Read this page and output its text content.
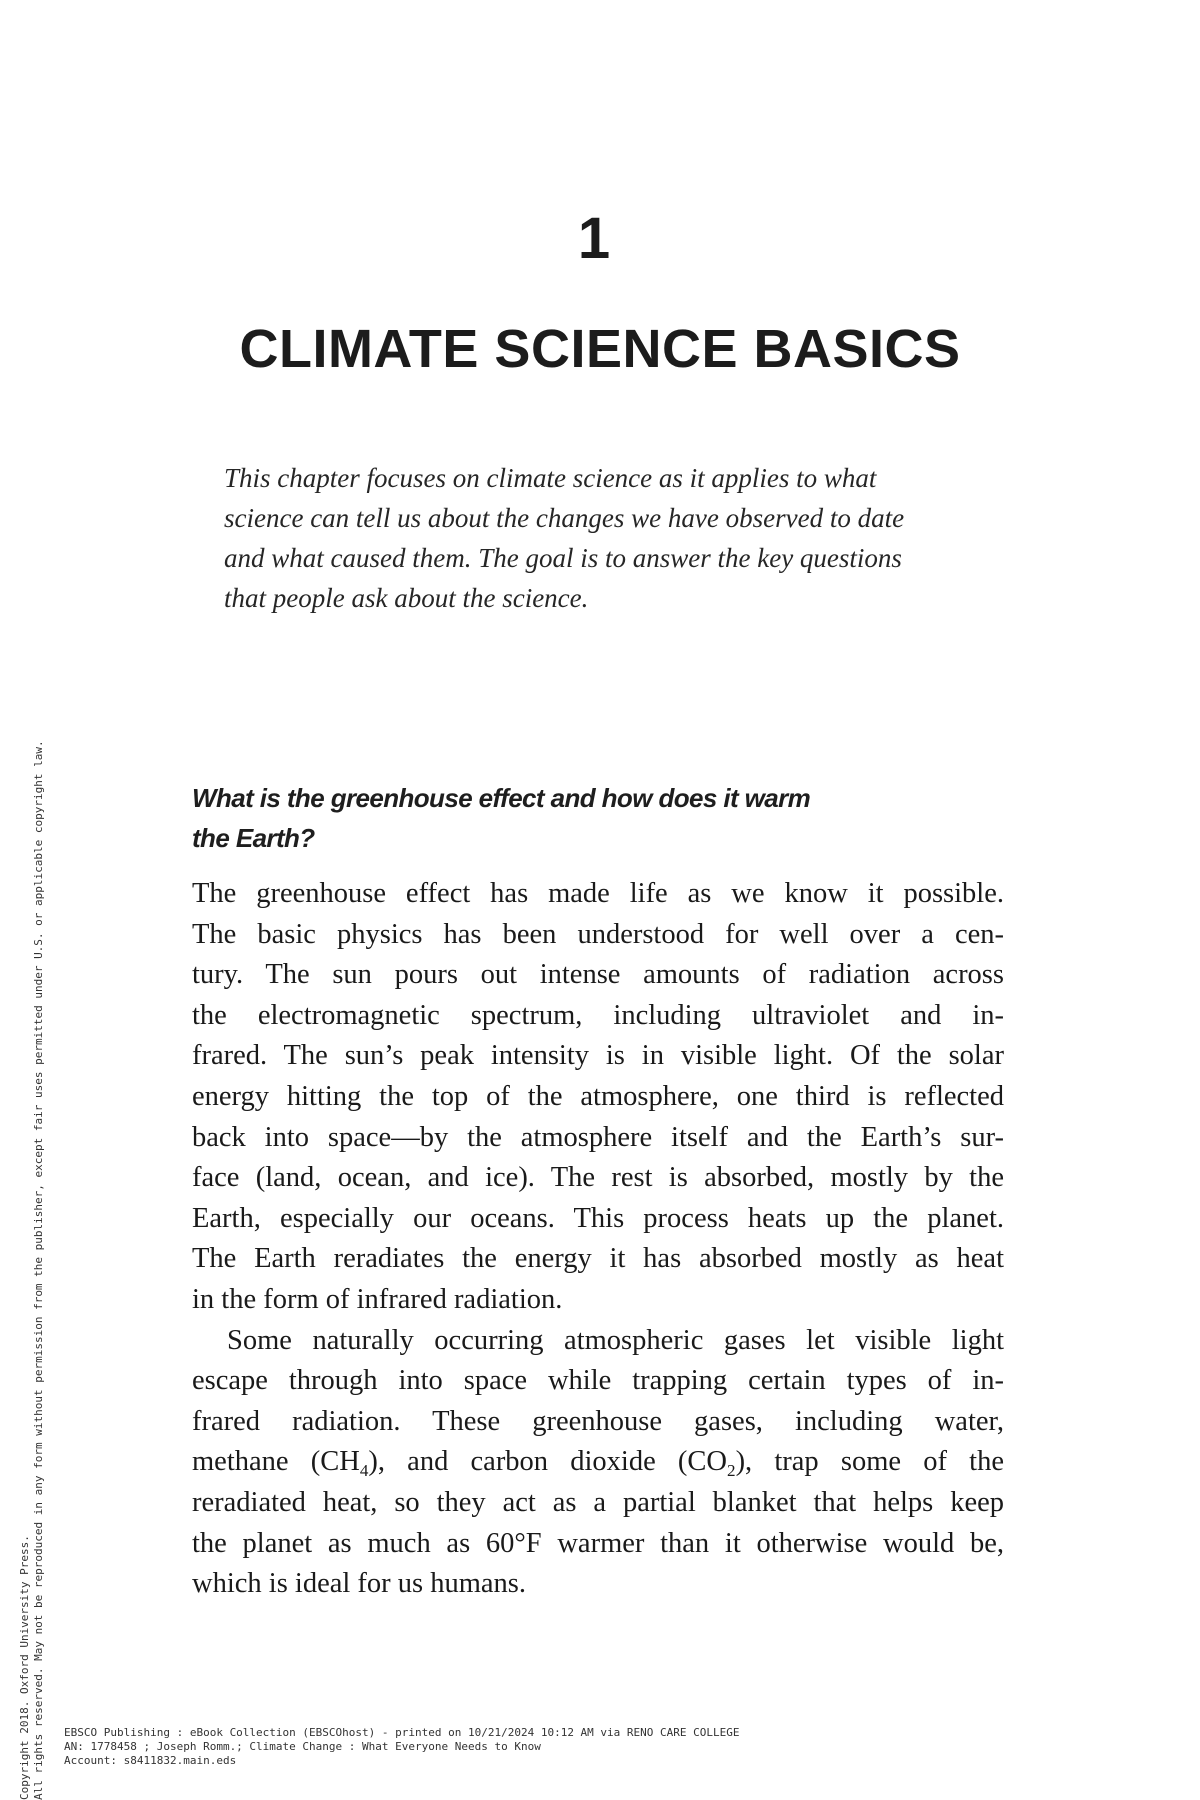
1
CLIMATE SCIENCE BASICS
This chapter focuses on climate science as it applies to what
science can tell us about the changes we have observed to date
and what caused them. The goal is to answer the key questions
that people ask about the science.
What is the greenhouse effect and how does it warm
the Earth?
The greenhouse effect has made life as we know it possible.
The basic physics has been understood for well over a cen-
tury. The sun pours out intense amounts of radiation across
the electromagnetic spectrum, including ultraviolet and in-
frared. The sun’s peak intensity is in visible light. Of the solar
energy hitting the top of the atmosphere, one third is reflected
back into space—by the atmosphere itself and the Earth’s sur-
face (land, ocean, and ice). The rest is absorbed, mostly by the
Earth, especially our oceans. This process heats up the planet.
The Earth reradiates the energy it has absorbed mostly as heat
in the form of infrared radiation.
Some naturally occurring atmospheric gases let visible light
escape through into space while trapping certain types of in-
frared radiation. These greenhouse gases, including water,
methane $(CH_4)$, and carbon dioxide $(CO_2)$, trap some of the
reradiated heat, so they act as a partial blanket that helps keep
the planet as much as 60°F warmer than it otherwise would be,
which is ideal for us humans.
Copyright 2018. Oxford University Press. All rights reserved. May not be reproduced in any form without permission from the publisher, except fair uses permitted under U.S. or applicable copyright law. EBSCO Publishing : eBook Collection (EBSCOhost) - printed on 10/21/2024 10:12 AM via RENO CARE COLLEGE
AN: 1778458 ; Joseph Romm.; Climate Change : What Everyone Needs to Know
Account: s8411832.main.eds
